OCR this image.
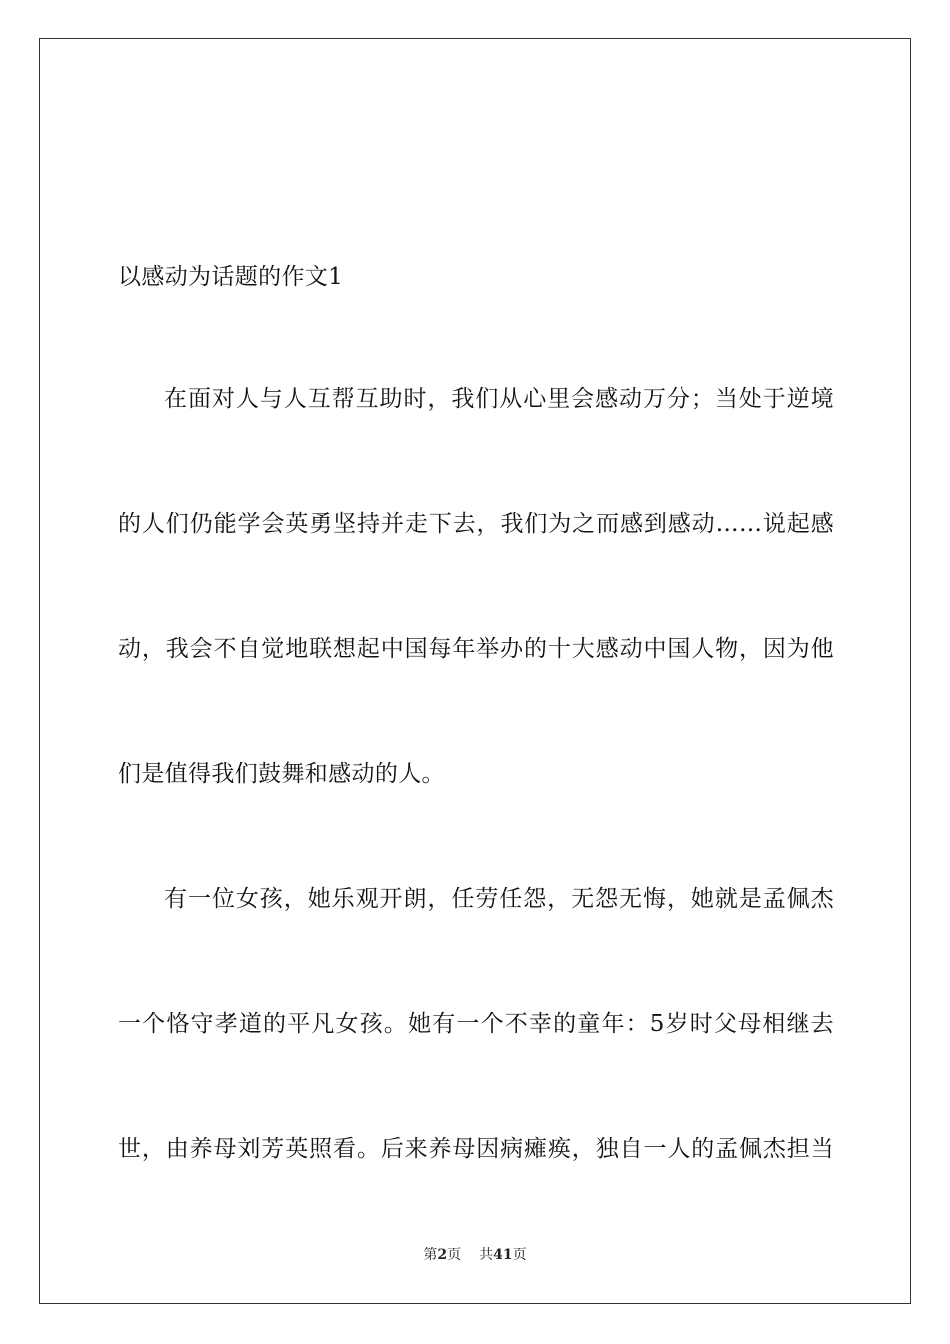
以感动为话题的作文1
在面对人与人互帮互助时，我们从心里会感动万分；当处于逆境
的人们仍能学会英勇坚持并走下去，我们为之而感到感动……说起感
动，我会不自觉地联想起中国每年举办的十大感动中国人物，因为他
们是值得我们鼓舞和感动的人。
有一位女孩，她乐观开朗，任劳任怨，无怨无悔，她就是孟佩杰
一个恪守孝道的平凡女孩。她有一个不幸的童年：5岁时父母相继去
世，由养母刘芳英照看。后来养母因病瘫痪，独自一人的孟佩杰担当
第2页 共41页
